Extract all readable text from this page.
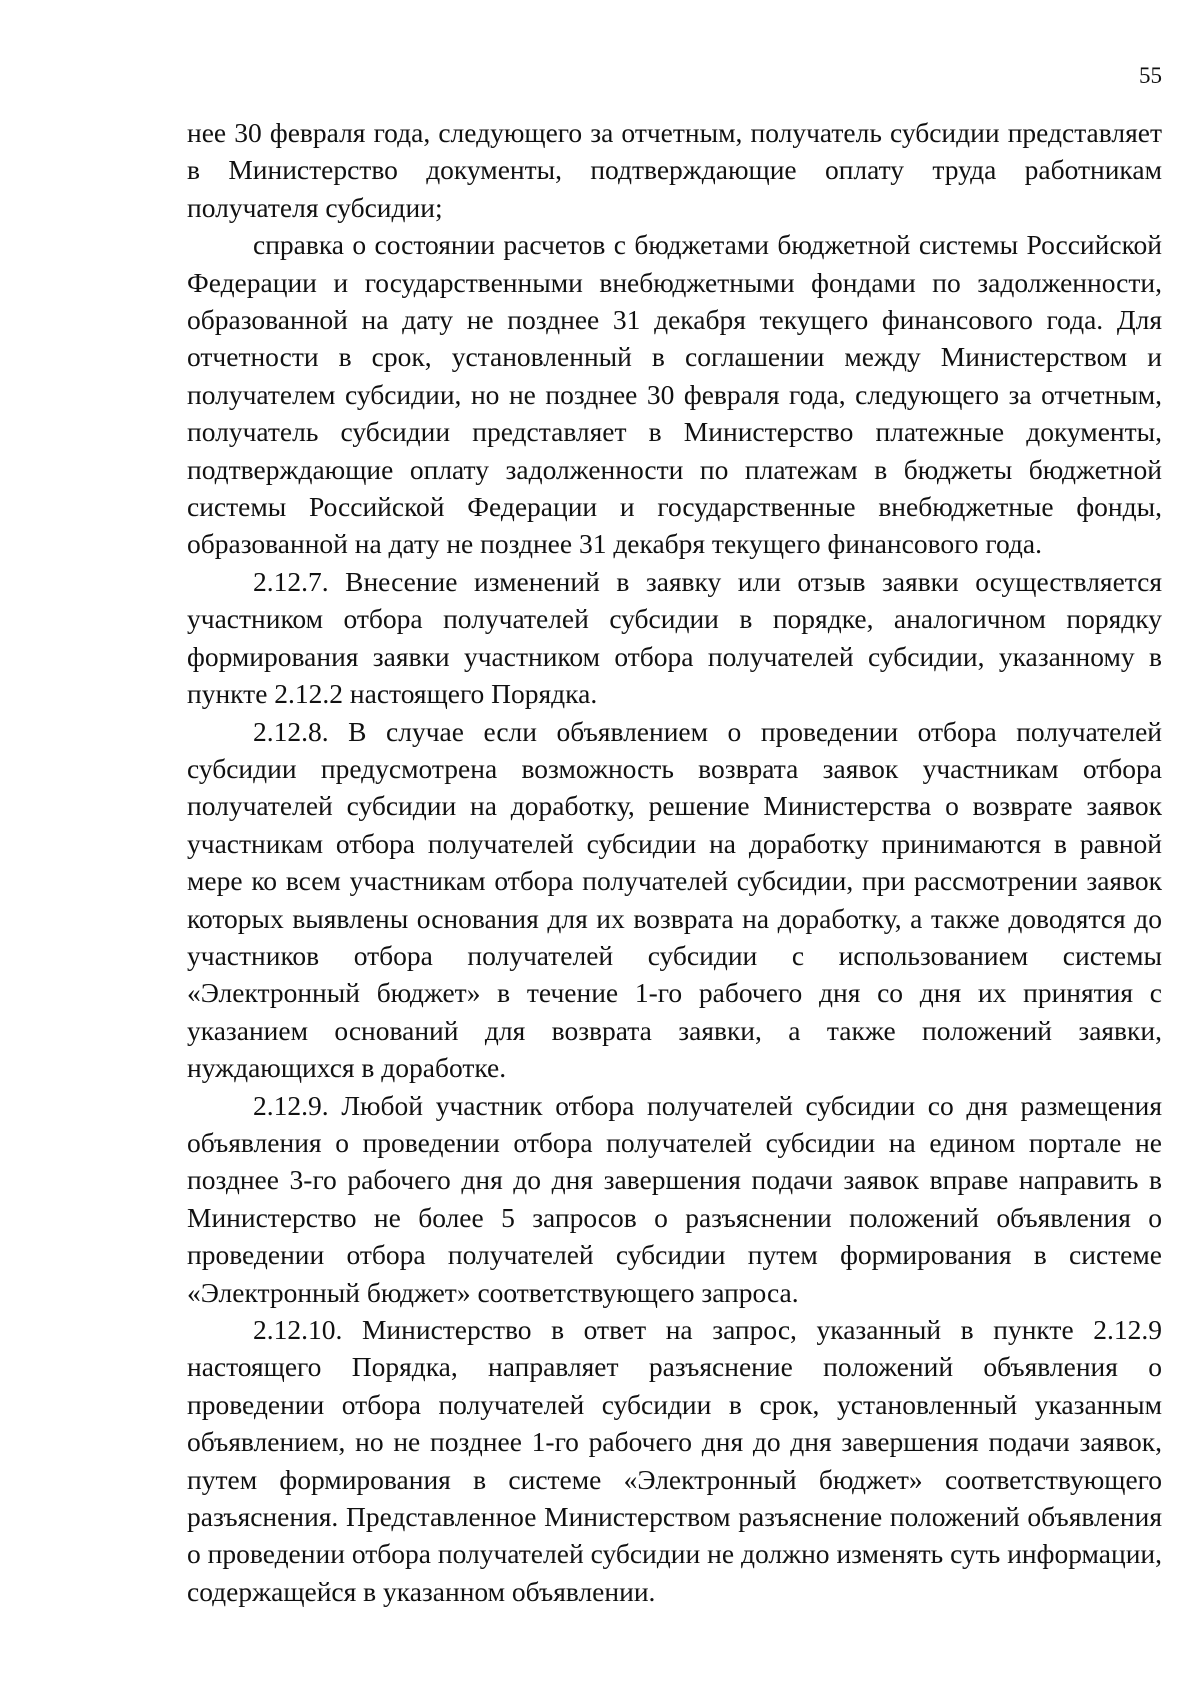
55

нее 30 февраля года, следующего за отчетным, получатель субсидии представляет в Министерство документы, подтверждающие оплату труда работникам получателя субсидии;

справка о состоянии расчетов с бюджетами бюджетной системы Российской Федерации и государственными внебюджетными фондами по задолженности, образованной на дату не позднее 31 декабря текущего финансового года. Для отчетности в срок, установленный в соглашении между Министерством и получателем субсидии, но не позднее 30 февраля года, следующего за отчетным, получатель субсидии представляет в Министерство платежные документы, подтверждающие оплату задолженности по платежам в бюджеты бюджетной системы Российской Федерации и государственные внебюджетные фонды, образованной на дату не позднее 31 декабря текущего финансового года.

2.12.7. Внесение изменений в заявку или отзыв заявки осуществляется участником отбора получателей субсидии в порядке, аналогичном порядку формирования заявки участником отбора получателей субсидии, указанному в пункте 2.12.2 настоящего Порядка.

2.12.8. В случае если объявлением о проведении отбора получателей субсидии предусмотрена возможность возврата заявок участникам отбора получателей субсидии на доработку, решение Министерства о возврате заявок участникам отбора получателей субсидии на доработку принимаются в равной мере ко всем участникам отбора получателей субсидии, при рассмотрении заявок которых выявлены основания для их возврата на доработку, а также доводятся до участников отбора получателей субсидии с использованием системы «Электронный бюджет» в течение 1-го рабочего дня со дня их принятия с указанием оснований для возврата заявки, а также положений заявки, нуждающихся в доработке.

2.12.9. Любой участник отбора получателей субсидии со дня размещения объявления о проведении отбора получателей субсидии на едином портале не позднее 3-го рабочего дня до дня завершения подачи заявок вправе направить в Министерство не более 5 запросов о разъяснении положений объявления о проведении отбора получателей субсидии путем формирования в системе «Электронный бюджет» соответствующего запроса.

2.12.10. Министерство в ответ на запрос, указанный в пункте 2.12.9 настоящего Порядка, направляет разъяснение положений объявления о проведении отбора получателей субсидии в срок, установленный указанным объявлением, но не позднее 1-го рабочего дня до дня завершения подачи заявок, путем формирования в системе «Электронный бюджет» соответствующего разъяснения. Представленное Министерством разъяснение положений объявления о проведении отбора получателей субсидии не должно изменять суть информации, содержащейся в указанном объявлении.
